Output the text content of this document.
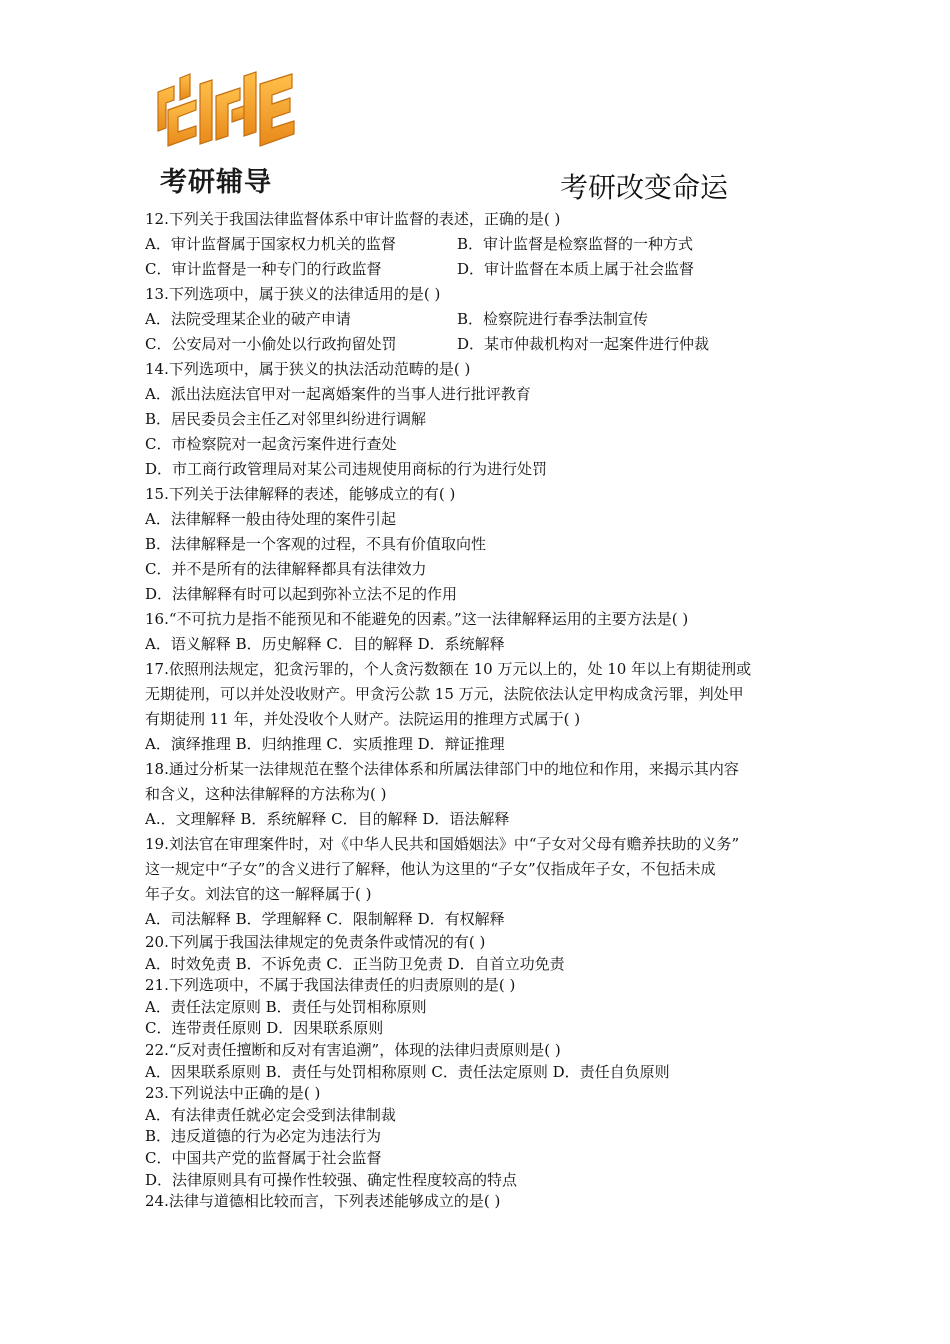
考研辅导	考研改变命运
12.下列关于我国法律监督体系中审计监督的表述，正确的是( )
A．审计监督属于国家权力机关的监督	B．审计监督是检察监督的一种方式
C．审计监督是一种专门的行政监督	D．审计监督在本质上属于社会监督
13.下列选项中，属于狭义的法律适用的是( )
A．法院受理某企业的破产申请	B．检察院进行春季法制宣传
C．公安局对一小偷处以行政拘留处罚	D．某市仲裁机构对一起案件进行仲裁
14.下列选项中，属于狭义的执法活动范畴的是( )
A．派出法庭法官甲对一起离婚案件的当事人进行批评教育
B．居民委员会主任乙对邻里纠纷进行调解
C．市检察院对一起贪污案件进行查处
D．市工商行政管理局对某公司违规使用商标的行为进行处罚
15.下列关于法律解释的表述，能够成立的有( )
A．法律解释一般由待处理的案件引起
B．法律解释是一个客观的过程，不具有价值取向性
C．并不是所有的法律解释都具有法律效力
D．法律解释有时可以起到弥补立法不足的作用
16.“不可抗力是指不能预见和不能避免的因素。”这一法律解释运用的主要方法是( )
A．语义解释 B．历史解释 C．目的解释 D．系统解释
17.依照刑法规定，犯贪污罪的，个人贪污数额在 10 万元以上的，处 10 年以上有期徒刑或
无期徒刑，可以并处没收财产。甲贪污公款 15 万元，法院依法认定甲构成贪污罪，判处甲
有期徒刑 11 年，并处没收个人财产。法院运用的推理方式属于( )
A．演绎推理 B．归纳推理 C．实质推理 D．辩证推理
18.通过分析某一法律规范在整个法律体系和所属法律部门中的地位和作用，来揭示其内容
和含义，这种法律解释的方法称为( )
A.．文理解释 B．系统解释 C．目的解释 D．语法解释
19.刘法官在审理案件时，对《中华人民共和国婚姻法》中“子女对父母有赡养扶助的义务”
这一规定中“子女”的含义进行了解释，他认为这里的“子女”仅指成年子女，不包括未成
年子女。刘法官的这一解释属于( )
A．司法解释 B．学理解释 C．限制解释 D．有权解释
20.下列属于我国法律规定的免责条件或情况的有( )
A．时效免责 B．不诉免责 C．正当防卫免责 D．自首立功免责
21.下列选项中，不属于我国法律责任的归责原则的是( )
A．责任法定原则 B．责任与处罚相称原则
C．连带责任原则 D．因果联系原则
22.“反对责任擅断和反对有害追溯”，体现的法律归责原则是( )
A．因果联系原则 B．责任与处罚相称原则 C．责任法定原则 D．责任自负原则
23.下列说法中正确的是( )
A．有法律责任就必定会受到法律制裁
B．违反道德的行为必定为违法行为
C．中国共产党的监督属于社会监督
D．法律原则具有可操作性较强、确定性程度较高的特点
24.法律与道德相比较而言，下列表述能够成立的是( )
